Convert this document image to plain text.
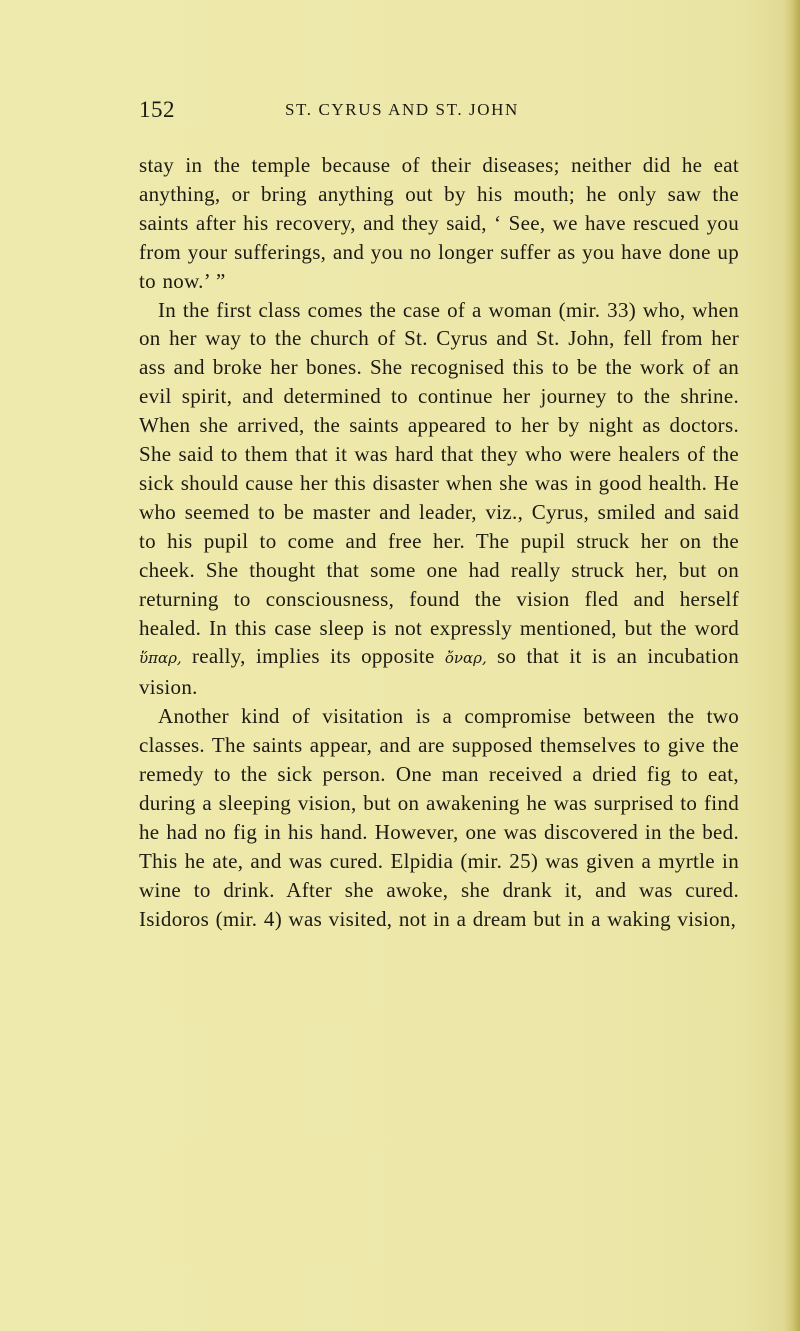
152	ST. CYRUS AND ST. JOHN

stay in the temple because of their diseases; neither did he eat anything, or bring anything out by his mouth; he only saw the saints after his recovery, and they said, ‘ See, we have rescued you from your sufferings, and you no longer suffer as you have done up to now.’ ”

In the first class comes the case of a woman (mir. 33) who, when on her way to the church of St. Cyrus and St. John, fell from her ass and broke her bones. She recognised this to be the work of an evil spirit, and determined to continue her journey to the shrine. When she arrived, the saints appeared to her by night as doctors. She said to them that it was hard that they who were healers of the sick should cause her this disaster when she was in good health. He who seemed to be master and leader, viz., Cyrus, smiled and said to his pupil to come and free her. The pupil struck her on the cheek. She thought that some one had really struck her, but on returning to consciousness, found the vision fled and herself healed. In this case sleep is not expressly mentioned, but the word ὕπαρ, really, implies its opposite ὄναρ, so that it is an incubation vision.

Another kind of visitation is a compromise between the two classes. The saints appear, and are supposed themselves to give the remedy to the sick person. One man received a dried fig to eat, during a sleeping vision, but on awakening he was surprised to find he had no fig in his hand. However, one was discovered in the bed. This he ate, and was cured. Elpidia (mir. 25) was given a myrtle in wine to drink. After she awoke, she drank it, and was cured. Isidoros (mir. 4) was visited, not in a dream but in a waking vision,
